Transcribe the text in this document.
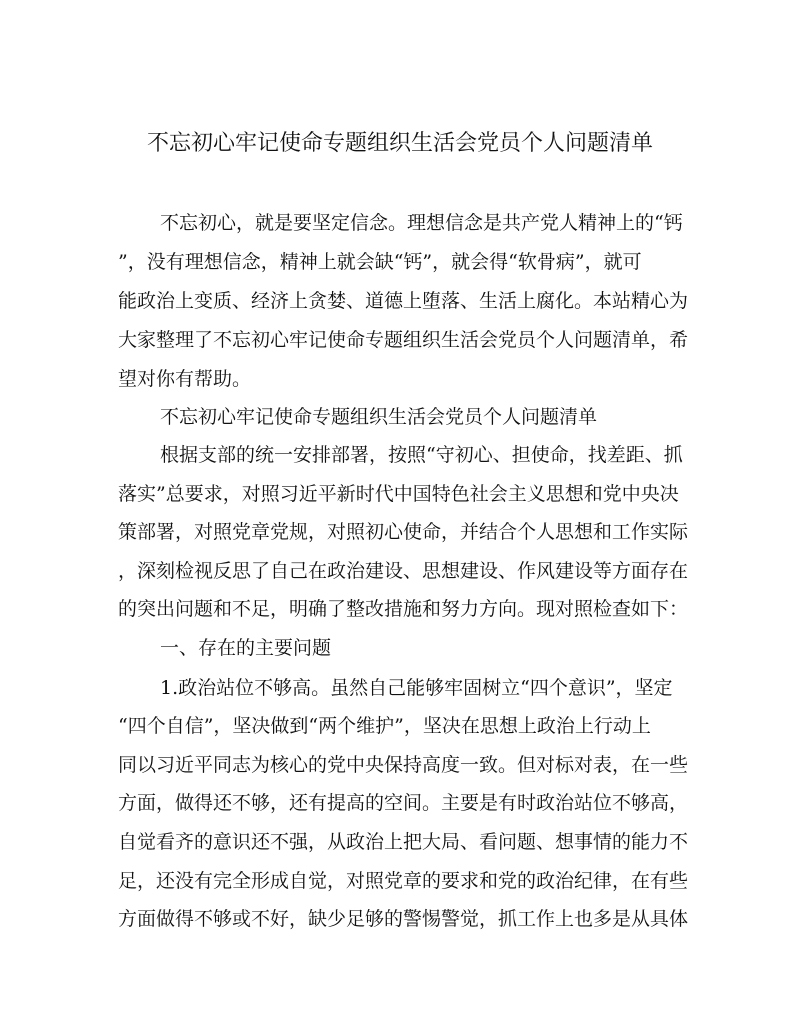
不忘初心牢记使命专题组织生活会党员个人问题清单
不忘初心，就是要坚定信念。理想信念是共产党人精神上的“钙
”，没有理想信念，精神上就会缺“钙”，就会得“软骨病”，就可
能政治上变质、经济上贪婪、道德上堕落、生活上腐化。本站精心为
大家整理了不忘初心牢记使命专题组织生活会党员个人问题清单，希
望对你有帮助。
不忘初心牢记使命专题组织生活会党员个人问题清单
根据支部的统一安排部署，按照“守初心、担使命，找差距、抓
落实”总要求，对照习近平新时代中国特色社会主义思想和党中央决
策部署，对照党章党规，对照初心使命，并结合个人思想和工作实际
，深刻检视反思了自己在政治建设、思想建设、作风建设等方面存在
的突出问题和不足，明确了整改措施和努力方向。现对照检查如下：
一、存在的主要问题
1.政治站位不够高。虽然自己能够牢固树立“四个意识”，坚定
“四个自信”，坚决做到“两个维护”，坚决在思想上政治上行动上
同以习近平同志为核心的党中央保持高度一致。但对标对表，在一些
方面，做得还不够，还有提高的空间。主要是有时政治站位不够高，
自觉看齐的意识还不强，从政治上把大局、看问题、想事情的能力不
足，还没有完全形成自觉，对照党章的要求和党的政治纪律，在有些
方面做得不够或不好，缺少足够的警惕警觉，抓工作上也多是从具体
